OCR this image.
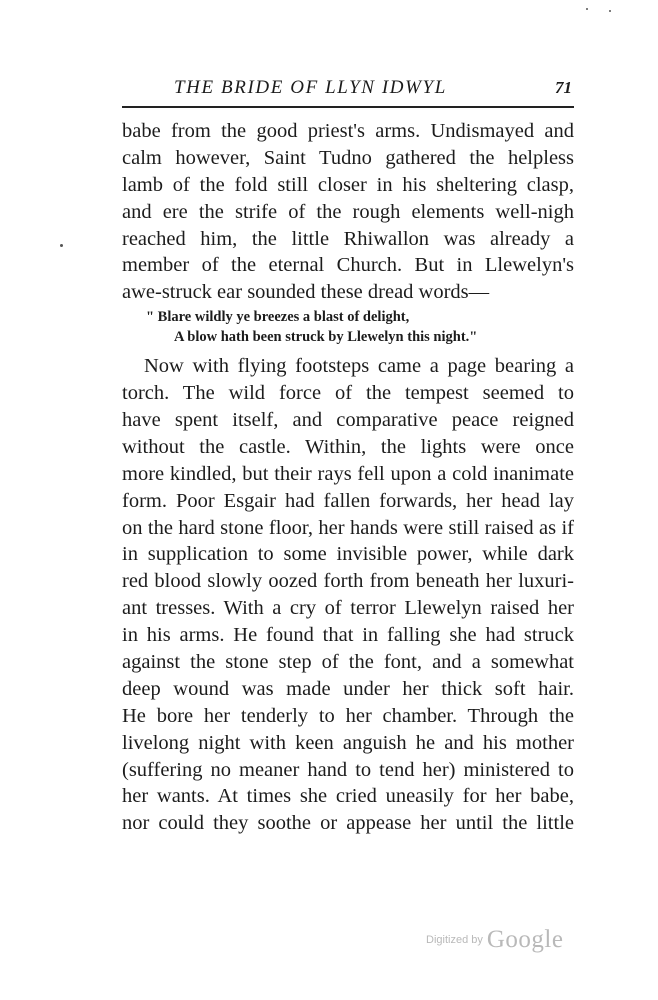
THE BRIDE OF LLYN IDWYL	71
babe from the good priest's arms. Undismayed and
calm however, Saint Tudno gathered the helpless
lamb of the fold still closer in his sheltering clasp,
and ere the strife of the rough elements well-nigh
reached him, the little Rhiwallon was already a
member of the eternal Church. But in Llewelyn's
awe-struck ear sounded these dread words—
" Blare wildly ye breezes a blast of delight,
A blow hath been struck by Llewelyn this night."
Now with flying footsteps came a page bearing a
torch. The wild force of the tempest seemed to
have spent itself, and comparative peace reigned
without the castle. Within, the lights were once
more kindled, but their rays fell upon a cold inanimate
form. Poor Esgair had fallen forwards, her head lay
on the hard stone floor, her hands were still raised as if
in supplication to some invisible power, while dark
red blood slowly oozed forth from beneath her luxuri-
ant tresses. With a cry of terror Llewelyn raised her
in his arms. He found that in falling she had struck
against the stone step of the font, and a somewhat
deep wound was made under her thick soft hair.
He bore her tenderly to her chamber. Through the
livelong night with keen anguish he and his mother
(suffering no meaner hand to tend her) ministered to
her wants. At times she cried uneasily for her babe,
nor could they soothe or appease her until the little
$^{Digitized by}$ Google
